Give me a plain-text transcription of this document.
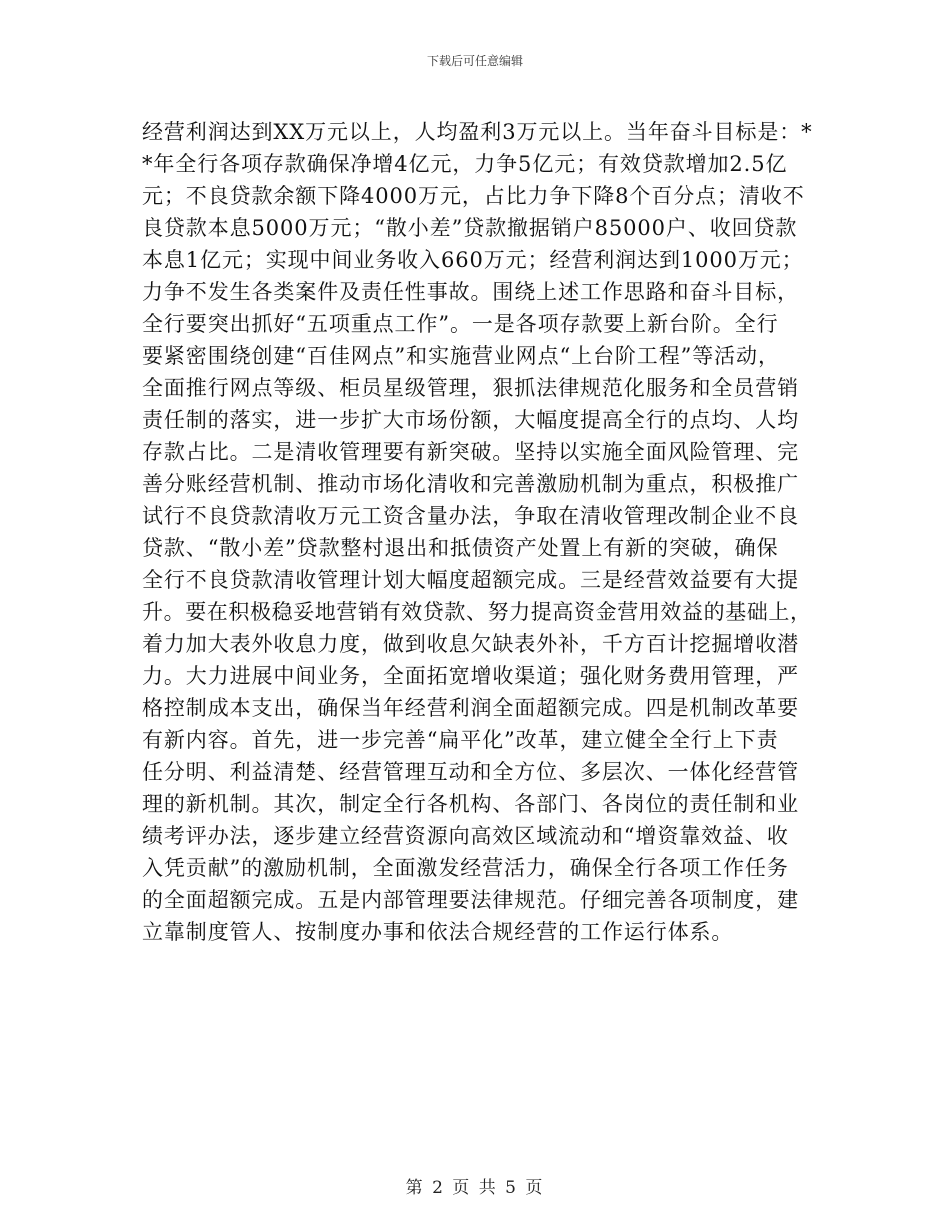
下载后可任意编辑
经营利润达到XX万元以上，人均盈利3万元以上。当年奋斗目标是：*
*年全行各项存款确保净增4亿元，力争5亿元；有效贷款增加2.5亿
元；不良贷款余额下降4000万元，占比力争下降8个百分点；清收不
良贷款本息5000万元；“散小差”贷款撤据销户85000户、收回贷款
本息1亿元；实现中间业务收入660万元；经营利润达到1000万元；
力争不发生各类案件及责任性事故。围绕上述工作思路和奋斗目标，
全行要突出抓好“五项重点工作”。一是各项存款要上新台阶。全行
要紧密围绕创建“百佳网点”和实施营业网点“上台阶工程”等活动，
全面推行网点等级、柜员星级管理，狠抓法律规范化服务和全员营销
责任制的落实，进一步扩大市场份额，大幅度提高全行的点均、人均
存款占比。二是清收管理要有新突破。坚持以实施全面风险管理、完
善分账经营机制、推动市场化清收和完善激励机制为重点，积极推广
试行不良贷款清收万元工资含量办法，争取在清收管理改制企业不良
贷款、“散小差”贷款整村退出和抵债资产处置上有新的突破，确保
全行不良贷款清收管理计划大幅度超额完成。三是经营效益要有大提
升。要在积极稳妥地营销有效贷款、努力提高资金营用效益的基础上，
着力加大表外收息力度，做到收息欠缺表外补，千方百计挖掘增收潜
力。大力进展中间业务，全面拓宽增收渠道；强化财务费用管理，严
格控制成本支出，确保当年经营利润全面超额完成。四是机制改革要
有新内容。首先，进一步完善“扁平化”改革，建立健全全行上下责
任分明、利益清楚、经营管理互动和全方位、多层次、一体化经营管
理的新机制。其次，制定全行各机构、各部门、各岗位的责任制和业
绩考评办法，逐步建立经营资源向高效区域流动和“增资靠效益、收
入凭贡献”的激励机制，全面激发经营活力，确保全行各项工作任务
的全面超额完成。五是内部管理要法律规范。仔细完善各项制度，建
立靠制度管人、按制度办事和依法合规经营的工作运行体系。
第 2 页 共 5 页
